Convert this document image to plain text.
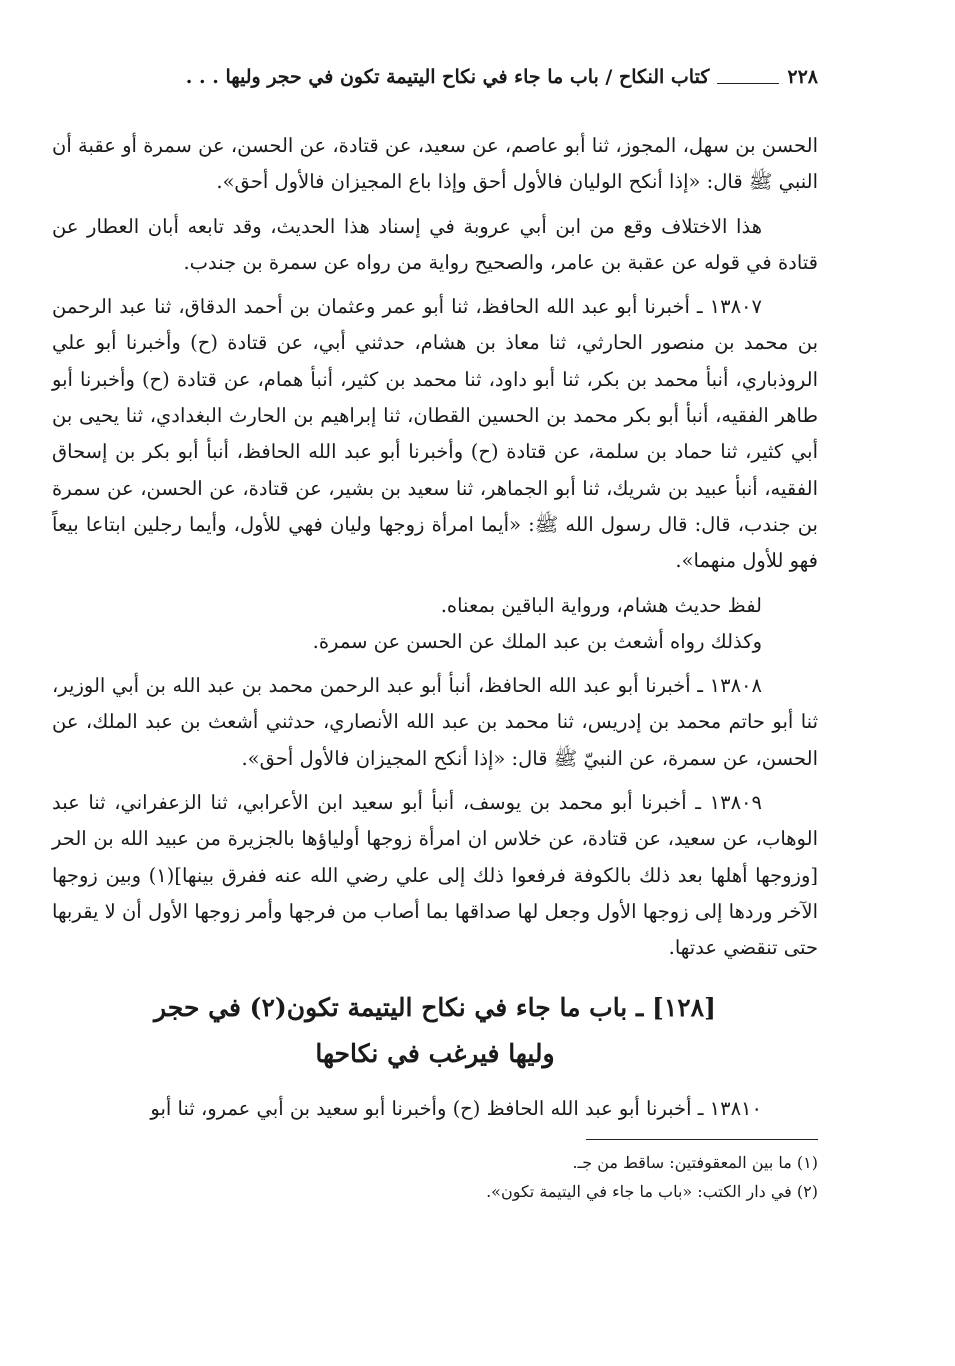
٢٢٨
كتاب النكاح / باب ما جاء في نكاح اليتيمة تكون في حجر وليها . . .

الحسن بن سهل، المجوز، ثنا أبو عاصم، عن سعيد، عن قتادة، عن الحسن، عن سمرة أو عقبة أن النبي ﷺ قال: «إذا أنكح الوليان فالأول أحق وإذا باع المجيزان فالأول أحق».

هذا الاختلاف وقع من ابن أبي عروبة في إسناد هذا الحديث، وقد تابعه أبان العطار عن قتادة في قوله عن عقبة بن عامر، والصحيح رواية من رواه عن سمرة بن جندب.

١٣٨٠٧ ـ أخبرنا أبو عبد الله الحافظ، ثنا أبو عمر وعثمان بن أحمد الدقاق، ثنا عبد الرحمن بن محمد بن منصور الحارثي، ثنا معاذ بن هشام، حدثني أبي، عن قتادة (ح) وأخبرنا أبو علي الروذباري، أنبأ محمد بن بكر، ثنا أبو داود، ثنا محمد بن كثير، أنبأ همام، عن قتادة (ح) وأخبرنا أبو طاهر الفقيه، أنبأ أبو بكر محمد بن الحسين القطان، ثنا إبراهيم بن الحارث البغدادي، ثنا يحيى بن أبي كثير، ثنا حماد بن سلمة، عن قتادة (ح) وأخبرنا أبو عبد الله الحافظ، أنبأ أبو بكر بن إسحاق الفقيه، أنبأ عبيد بن شريك، ثنا أبو الجماهر، ثنا سعيد بن بشير، عن قتادة، عن الحسن، عن سمرة بن جندب، قال: قال رسول الله ﷺ: «أيما امرأة زوجها وليان فهي للأول، وأيما رجلين ابتاعا بيعاً فهو للأول منهما».

لفظ حديث هشام، ورواية الباقين بمعناه.

وكذلك رواه أشعث بن عبد الملك عن الحسن عن سمرة.

١٣٨٠٨ ـ أخبرنا أبو عبد الله الحافظ، أنبأ أبو عبد الرحمن محمد بن عبد الله بن أبي الوزير، ثنا أبو حاتم محمد بن إدريس، ثنا محمد بن عبد الله الأنصاري، حدثني أشعث بن عبد الملك، عن الحسن، عن سمرة، عن النبيّ ﷺ قال: «إذا أنكح المجيزان فالأول أحق».

١٣٨٠٩ ـ أخبرنا أبو محمد بن يوسف، أنبأ أبو سعيد ابن الأعرابي، ثنا الزعفراني، ثنا عبد الوهاب، عن سعيد، عن قتادة، عن خلاس ان امرأة زوجها أولياؤها بالجزيرة من عبيد الله بن الحر [وزوجها أهلها بعد ذلك بالكوفة فرفعوا ذلك إلى علي رضي الله عنه ففرق بينها](١) وبين زوجها الآخر وردها إلى زوجها الأول وجعل لها صداقها بما أصاب من فرجها وأمر زوجها الأول أن لا يقربها حتى تنقضي عدتها.

[١٢٨] ـ باب ما جاء في نكاح اليتيمة تكون(٢) في حجر
وليها فيرغب في نكاحها

١٣٨١٠ ـ أخبرنا أبو عبد الله الحافظ (ح) وأخبرنا أبو سعيد بن أبي عمرو، ثنا أبو

(١) ما بين المعقوفتين: ساقط من جـ.
(٢) في دار الكتب: «باب ما جاء في اليتيمة تكون».
